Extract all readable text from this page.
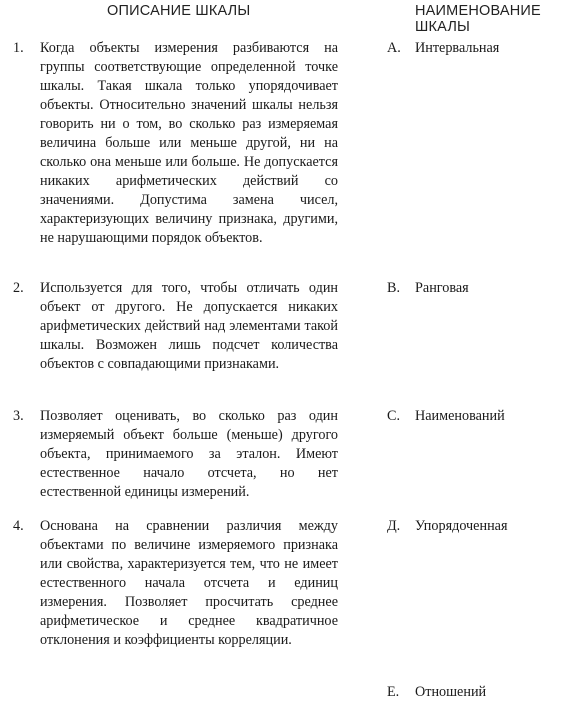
ОПИСАНИЕ ШКАЛЫ	НАИМЕНОВАНИЕ
ШКАЛЫ
1. Когда объекты измерения разбиваются на группы соответствующие определенной точке шкалы. Такая шкала только упорядочивает объекты. Относительно значений шкалы нельзя говорить ни о том, во сколько раз измеряемая величина больше или меньше другой, ни на сколько она меньше или больше. Не допускается никаких арифметических действий со значениями. Допустима замена чисел, характеризующих величину признака, другими, не нарушающими порядок объектов.
2. Используется для того, чтобы отличать один объект от другого. Не допускается никаких арифметических действий над элементами такой шкалы. Возможен лишь подсчет количества объектов с совпадающими признаками.
3. Позволяет оценивать, во сколько раз один измеряемый объект больше (меньше) другого объекта, принимаемого за эталон. Имеют естественное начало отсчета, но нет естественной единицы измерений.
4. Основана на сравнении различия между объектами по величине измеряемого признака или свойства, характеризуется тем, что не имеет естественного начала отсчета и единиц измерения. Позволяет просчитать среднее арифметическое и среднее квадратичное отклонения и коэффициенты корреляции.
А. Интервальная
В. Ранговая
С. Наименований
Д. Упорядоченная
Е. Отношений
